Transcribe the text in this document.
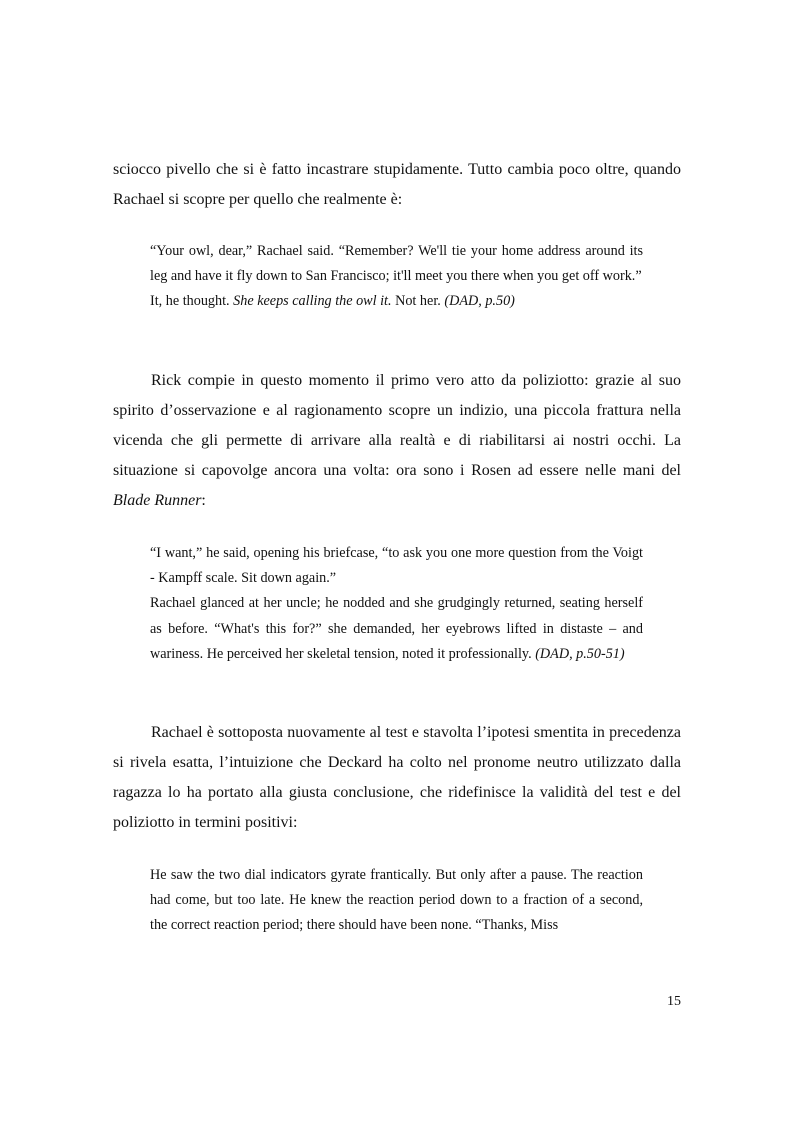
sciocco pivello che si è fatto incastrare stupidamente. Tutto cambia poco oltre, quando Rachael si scopre per quello che realmente è:

“Your owl, dear,” Rachael said. “Remember? We'll tie your home address around its leg and have it fly down to San Francisco; it'll meet you there when you get off work.”

It, he thought. She keeps calling the owl it. Not her. (DAD, p.50)

Rick compie in questo momento il primo vero atto da poliziotto: grazie al suo spirito d’osservazione e al ragionamento scopre un indizio, una piccola frattura nella vicenda che gli permette di arrivare alla realtà e di riabilitarsi ai nostri occhi. La situazione si capovolge ancora una volta: ora sono i Rosen ad essere nelle mani del Blade Runner:

“I want,” he said, opening his briefcase, “to ask you one more question from the Voigt - Kampff scale. Sit down again.”

Rachael glanced at her uncle; he nodded and she grudgingly returned, seating herself as before. “What's this for?” she demanded, her eyebrows lifted in distaste – and wariness. He perceived her skeletal tension, noted it professionally. (DAD, p.50-51)

Rachael è sottoposta nuovamente al test e stavolta l’ipotesi smentita in precedenza si rivela esatta, l’intuizione che Deckard ha colto nel pronome neutro utilizzato dalla ragazza lo ha portato alla giusta conclusione, che ridefinisce la validità del test e del poliziotto in termini positivi:

He saw the two dial indicators gyrate frantically. But only after a pause. The reaction had come, but too late. He knew the reaction period down to a fraction of a second, the correct reaction period; there should have been none. “Thanks, Miss

15
